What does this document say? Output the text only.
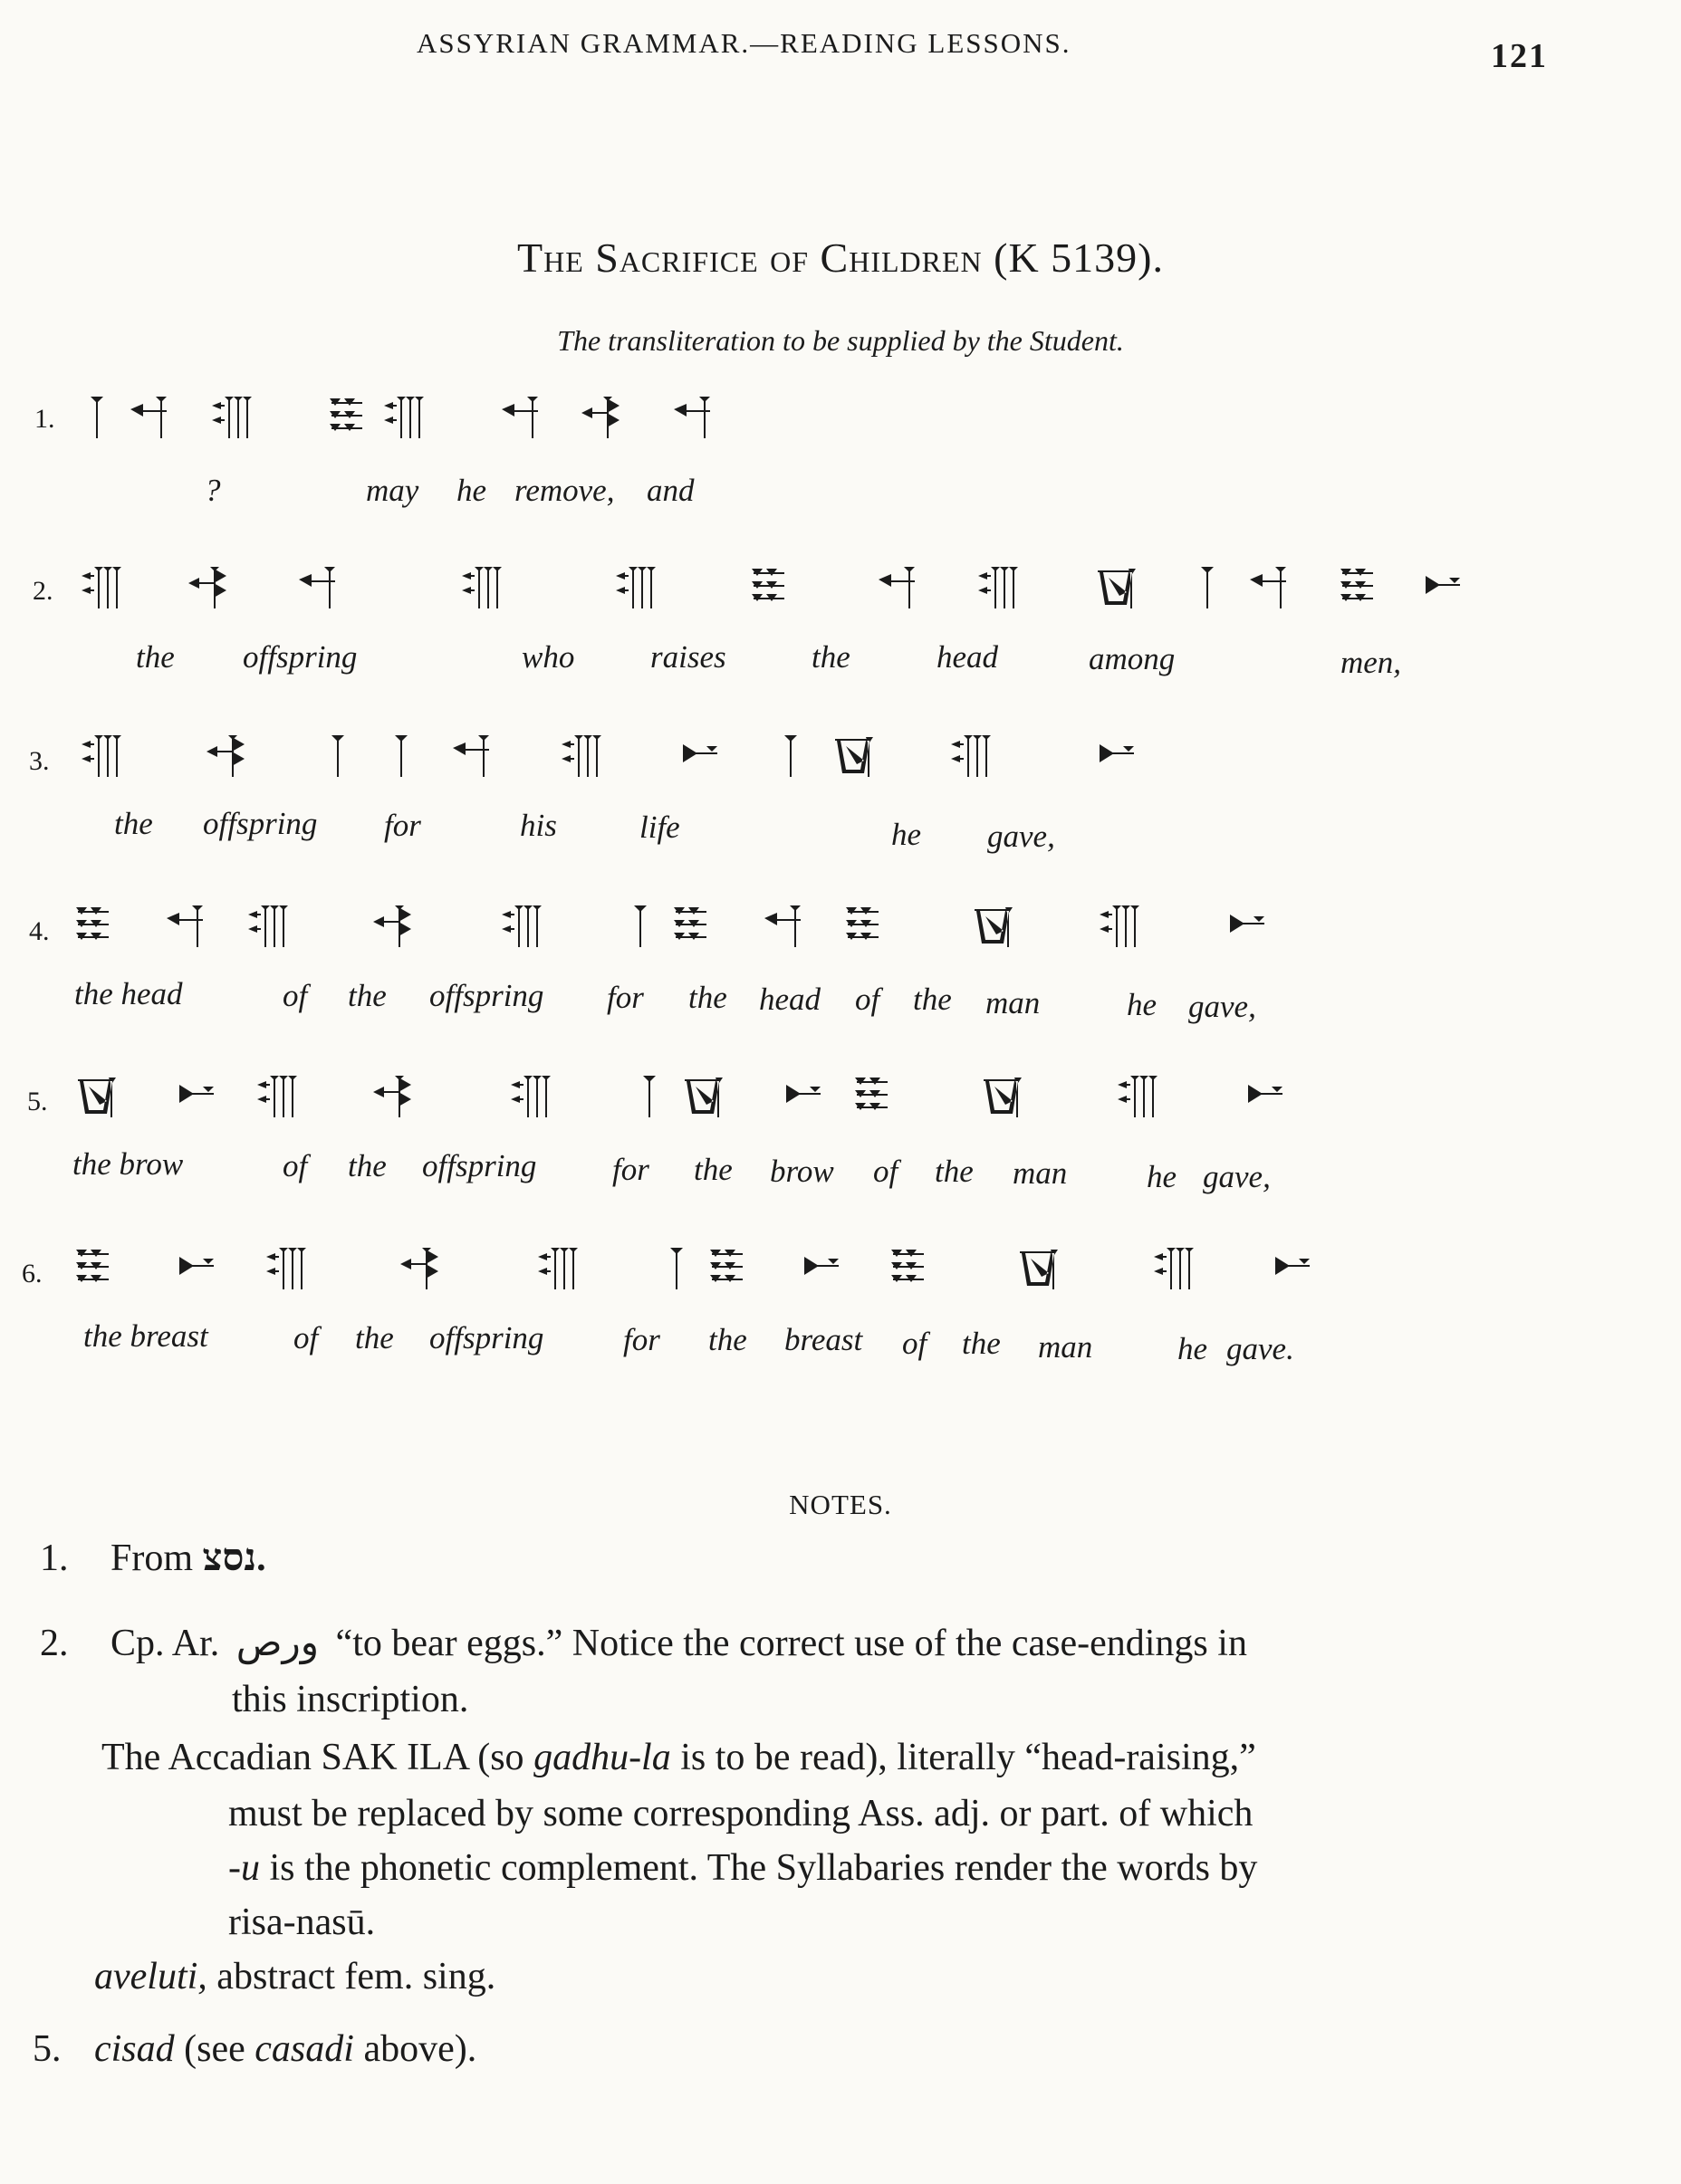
ASSYRIAN GRAMMAR.—READING LESSONS.	121
The Sacrifice of Children (K 5139).
The transliteration to be supplied by the Student.
1.
?	may he remove, and
2.
the offspring	who raises	the	head	among	men,
3.
the offspring for	his	life	he gave,
4.
the head	of the offspring for the head of the man	he gave,
5.
the brow	of the offspring for the brow of the man	he gave,
6.
the breast	of the offspring	for the breast of the man	he gave.
NOTES.
1. From נסצ.
2. Cp. Ar. ورص “to bear eggs.” Notice the correct use of the case-endings in
this inscription.
The Accadian SAK ILA (so gadhu-la is to be read), literally “head-raising,”
must be replaced by some corresponding Ass. adj. or part. of which
-u is the phonetic complement. The Syllabaries render the words by
risa-nasū.
aveluti, abstract fem. sing.
5. cisad (see casadi above).
